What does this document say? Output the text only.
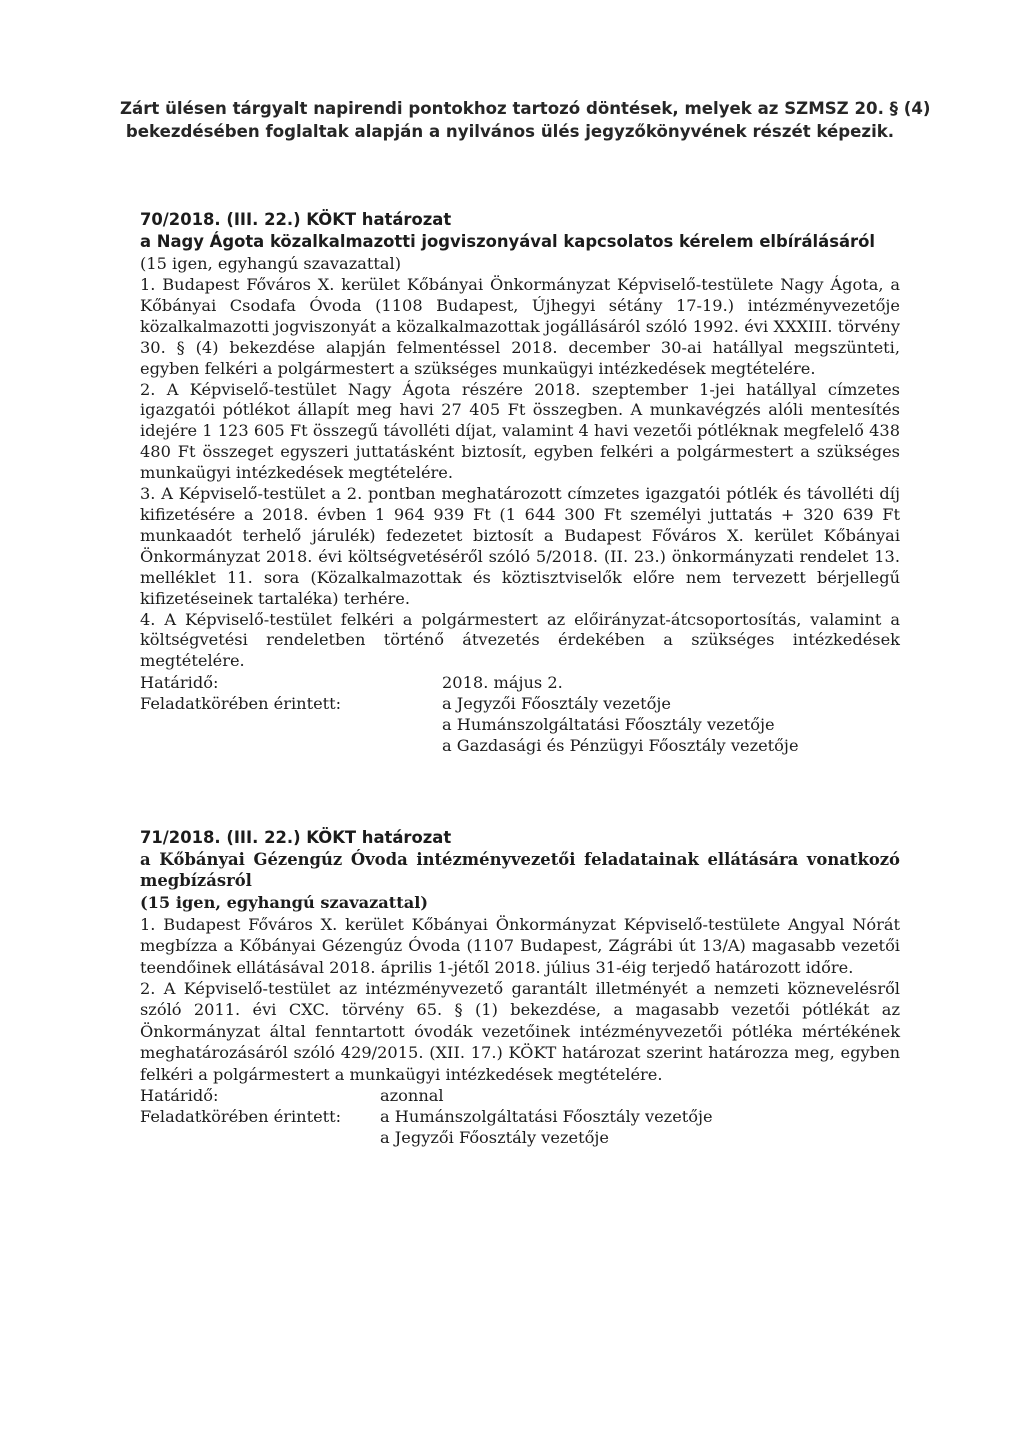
Zárt ülésen tárgyalt napirendi pontokhoz tartozó döntések, melyek az SZMSZ 20. § (4)
bekezdésében foglaltak alapján a nyilvános ülés jegyzőkönyvének részét képezik.
70/2018. (III. 22.) KÖKT határozat
a Nagy Ágota közalkalmazotti jogviszonyával kapcsolatos kérelem elbírálásáról
(15 igen, egyhangú szavazattal)

1. Budapest Főváros X. kerület Kőbányai Önkormányzat Képviselő-testülete Nagy Ágota, a Kőbányai Csodafa Óvoda (1108 Budapest, Újhegyi sétány 17-19.) intézményvezetője közalkalmazotti jogviszonyát a közalkalmazottak jogállásáról szóló 1992. évi XXXIII. törvény 30. § (4) bekezdése alapján felmentéssel 2018. december 30-ai hatállyal megszünteti, egyben felkéri a polgármestert a szükséges munkaügyi intézkedések megtételére.

2. A Képviselő-testület Nagy Ágota részére 2018. szeptember 1-jei hatállyal címzetes igazgatói pótlékot állapít meg havi 27 405 Ft összegben. A munkavégzés alóli mentesítés idejére 1 123 605 Ft összegű távolléti díjat, valamint 4 havi vezetői pótléknak megfelelő 438 480 Ft összeget egyszeri juttatásként biztosít, egyben felkéri a polgármestert a szükséges munkaügyi intézkedések megtételére.

3. A Képviselő-testület a 2. pontban meghatározott címzetes igazgatói pótlék és távolléti díj kifizetésére a 2018. évben 1 964 939 Ft (1 644 300 Ft személyi juttatás + 320 639 Ft munkaadót terhelő járulék) fedezetet biztosít a Budapest Főváros X. kerület Kőbányai Önkormányzat 2018. évi költségvetéséről szóló 5/2018. (II. 23.) önkormányzati rendelet 13. melléklet 11. sora (Közalkalmazottak és köztisztviselők előre nem tervezett bérjellegű kifizetéseinek tartaléka) terhére.

4. A Képviselő-testület felkéri a polgármestert az előirányzat-átcsoportosítás, valamint a költségvetési rendeletben történő átvezetés érdekében a szükséges intézkedések megtételére.

Határidő:	2018. május 2.
Feladatkörében érintett:	a Jegyzői Főosztály vezetője
a Humánszolgáltatási Főosztály vezetője
a Gazdasági és Pénzügyi Főosztály vezetője
71/2018. (III. 22.) KÖKT határozat
a Kőbányai Gézengúz Óvoda intézményvezetői feladatainak ellátására vonatkozó megbízásról
(15 igen, egyhangú szavazattal)

1. Budapest Főváros X. kerület Kőbányai Önkormányzat Képviselő-testülete Angyal Nórát megbízza a Kőbányai Gézengúz Óvoda (1107 Budapest, Zágrábi út 13/A) magasabb vezetői teendőinek ellátásával 2018. április 1-jétől 2018. július 31-éig terjedő határozott időre.

2. A Képviselő-testület az intézményvezető garantált illetményét a nemzeti köznevelésről szóló 2011. évi CXC. törvény 65. § (1) bekezdése, a magasabb vezetői pótlékát az Önkormányzat által fenntartott óvodák vezetőinek intézményvezetői pótléka mértékének meghatározásáról szóló 429/2015. (XII. 17.) KÖKT határozat szerint határozza meg, egyben felkéri a polgármestert a munkaügyi intézkedések megtételére.

Határidő:	azonnal
Feladatkörében érintett: a Humánszolgáltatási Főosztály vezetője
a Jegyzői Főosztály vezetője
